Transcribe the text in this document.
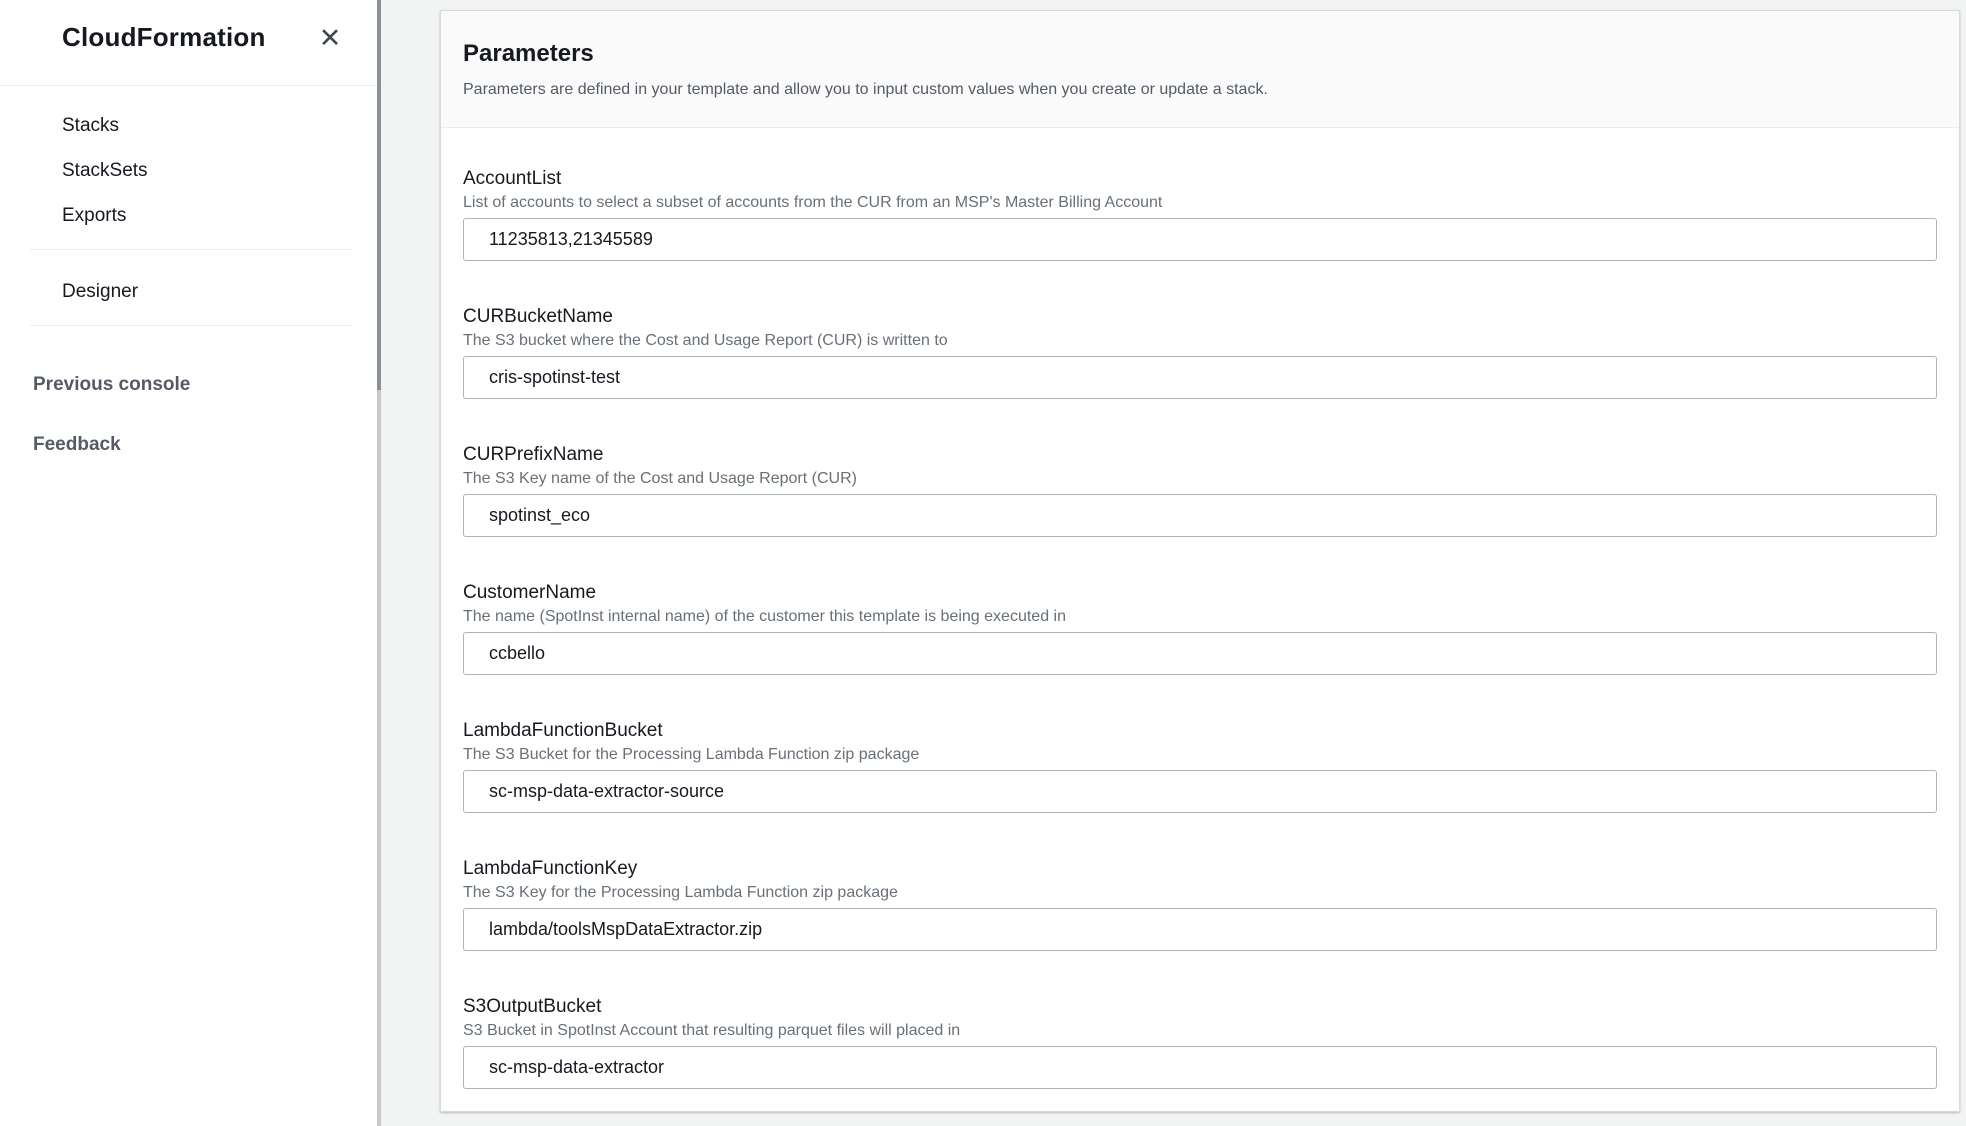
CloudFormation	✕
Stacks
StackSets
Exports
Designer
Previous console
Feedback
Parameters

Parameters are defined in your template and allow you to input custom values when you create or update a stack.

AccountList
List of accounts to select a subset of accounts from the CUR from an MSP's Master Billing Account
11235813,21345589
CURBucketName
The S3 bucket where the Cost and Usage Report (CUR) is written to
cris-spotinst-test
CURPrefixName
The S3 Key name of the Cost and Usage Report (CUR)
spotinst_eco
CustomerName
The name (SpotInst internal name) of the customer this template is being executed in
ccbello
LambdaFunctionBucket
The S3 Bucket for the Processing Lambda Function zip package
sc-msp-data-extractor-source
LambdaFunctionKey
The S3 Key for the Processing Lambda Function zip package
lambda/toolsMspDataExtractor.zip
S3OutputBucket
S3 Bucket in SpotInst Account that resulting parquet files will placed in
sc-msp-data-extractor
